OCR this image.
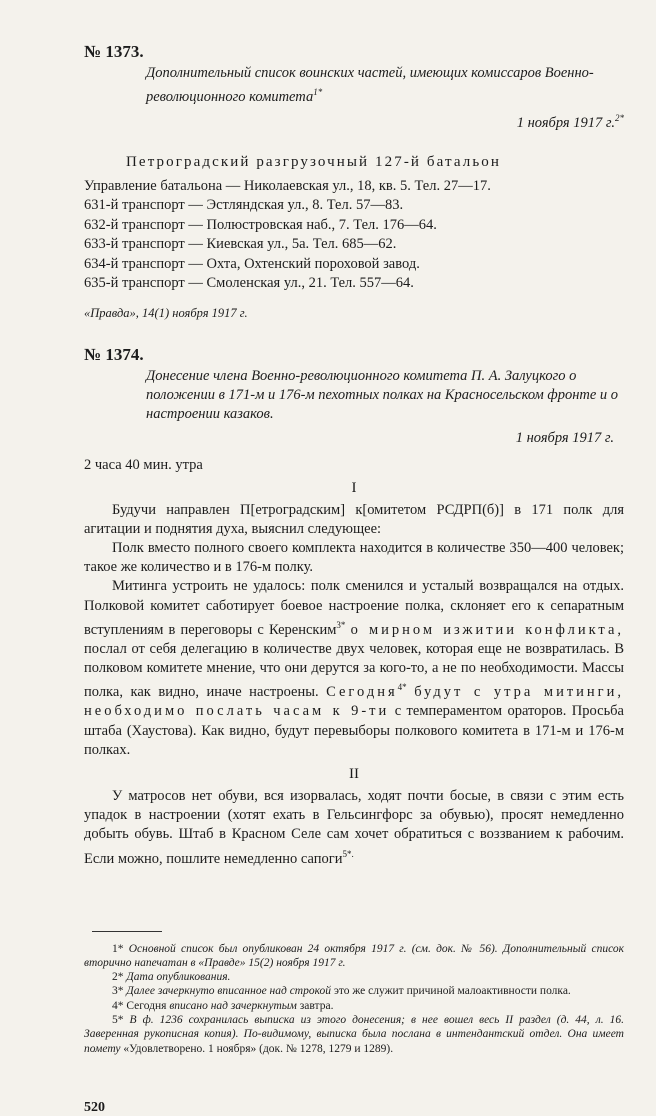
№ 1373.
Дополнительный список воинских частей, имеющих комиссаров Военно-революционного комитета$^{1*}$
1 ноября 1917 г.$^{2*}$
Петроградский разгрузочный 127-й батальон
Управление батальона — Николаевская ул., 18, кв. 5. Тел. 27—17.
631-й транспорт — Эстляндская ул., 8. Тел. 57—83.
632-й транспорт — Полюстровская наб., 7. Тел. 176—64.
633-й транспорт — Киевская ул., 5а. Тел. 685—62.
634-й транспорт — Охта, Охтенский пороховой завод.
635-й транспорт — Смоленская ул., 21. Тел. 557—64.
«Правда», 14(1) ноября 1917 г.
№ 1374.
Донесение члена Военно-революционного комитета П. А. Залуцкого о положении в 171-м и 176-м пехотных полках на Красносельском фронте и о настроении казаков.
1 ноября 1917 г.
2 часа 40 мин. утра
I

Будучи направлен П[етроградским] к[омитетом РСДРП(б)] в 171 полк для агитации и поднятия духа, выяснил следующее:

Полк вместо полного своего комплекта находится в количестве 350—400 человек; такое же количество и в 176-м полку.

Митинга устроить не удалось: полк сменился и усталый возвращался на отдых. Полковой комитет саботирует боевое настроение полка, склоняет его к сепаратным вступлениям в переговоры с Керенским$^{3*}$ о мирном изжитии конфликта, послал от себя делегацию в количестве двух человек, которая еще не возвратилась. В полковом комитете мнение, что они дерутся за кого-то, а не по необходимости. Массы полка, как видно, иначе настроены. Сегодня$^{4*}$ будут с утра митинги, необходимо послать часам к 9-ти с темпераментом ораторов. Просьба штаба (Хаустова). Как видно, будут перевыборы полкового комитета в 171-м и 176-м полках.

II

У матросов нет обуви, вся изорвалась, ходят почти босые, в связи с этим есть упадок в настроении (хотят ехать в Гельсингфорс за обувью), просят немедленно добыть обувь. Штаб в Красном Селе сам хочет обратиться с воззванием к рабочим. Если можно, пошлите немедленно сапоги$^{5*.}$

1* Основной список был опубликован 24 октября 1917 г. (см. док. № 56). Дополнительный список вторично напечатан в «Правде» 15(2) ноября 1917 г.

2* Дата опубликования.

3* Далее зачеркнуто вписанное над строкой это же служит причиной малоактивности полка.

4* Сегодня вписано над зачеркнутым завтра.

5* В ф. 1236 сохранилась выписка из этого донесения; в нее вошел весь II раздел (д. 44, л. 16. Заверенная рукописная копия). По-видимому, выписка была послана в интендантский отдел. Она имеет помету «Удовлетворено. 1 ноября» (док. № 1278, 1279 и 1289).

520
